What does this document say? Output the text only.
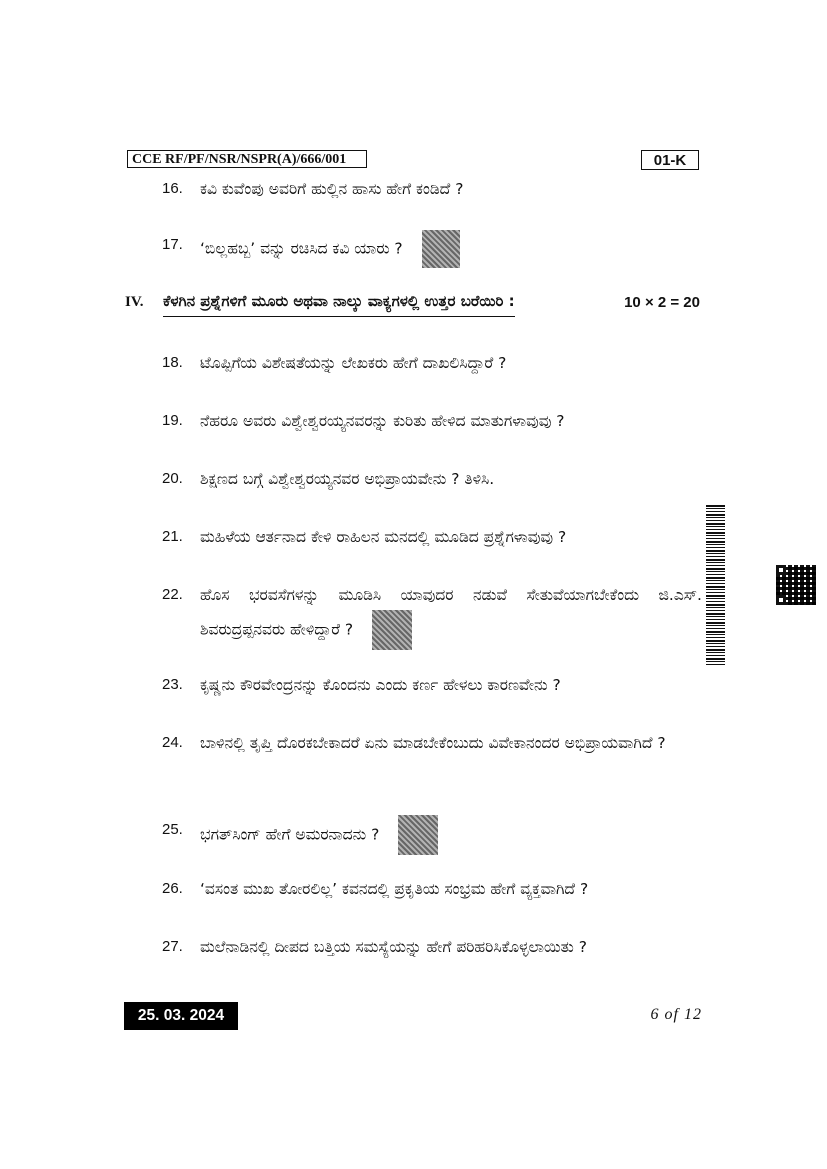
CCE RF/PF/NSR/NSPR(A)/666/001	01-K
16.	ಕವಿ ಕುವೆಂಪು ಅವರಿಗೆ ಹುಲ್ಲಿನ ಹಾಸು ಹೇಗೆ ಕಂಡಿದೆ ?
17.	‘ಬಿಲ್ಲಹಬ್ಬ’ ವನ್ನು ರಚಿಸಿದ ಕವಿ ಯಾರು ?
IV. ಕೆಳಗಿನ ಪ್ರಶ್ನೆಗಳಿಗೆ ಮೂರು ಅಥವಾ ನಾಲ್ಕು ವಾಕ್ಯಗಳಲ್ಲಿ ಉತ್ತರ ಬರೆಯಿರಿ :	10 × 2 = 20
18.	ಟೊಪ್ಪಿಗೆಯ ವಿಶೇಷತೆಯನ್ನು ಲೇಖಕರು ಹೇಗೆ ದಾಖಲಿಸಿದ್ದಾರೆ ?
19.	ನೆಹರೂ ಅವರು ವಿಶ್ವೇಶ್ವರಯ್ಯನವರನ್ನು ಕುರಿತು ಹೇಳಿದ ಮಾತುಗಳಾವುವು ?
20.	ಶಿಕ್ಷಣದ ಬಗ್ಗೆ ವಿಶ್ವೇಶ್ವರಯ್ಯನವರ ಅಭಿಪ್ರಾಯವೇನು ? ತಿಳಿಸಿ.
21.	ಮಹಿಳೆಯ ಆರ್ತನಾದ ಕೇಳಿ ರಾಹಿಲನ ಮನದಲ್ಲಿ ಮೂಡಿದ ಪ್ರಶ್ನೆಗಳಾವುವು ?
22.	ಹೊಸ ಭರವಸೆಗಳನ್ನು ಮೂಡಿಸಿ ಯಾವುದರ ನಡುವೆ ಸೇತುವೆಯಾಗಬೇಕೆಂದು ಜಿ.ಎಸ್. ಶಿವರುದ್ರಪ್ಪನವರು ಹೇಳಿದ್ದಾರೆ ?
23.	ಕೃಷ್ಣನು ಕೌರವೇಂದ್ರನನ್ನು ಕೊಂದನು ಎಂದು ಕರ್ಣ ಹೇಳಲು ಕಾರಣವೇನು ?
24.	ಬಾಳಿನಲ್ಲಿ ತೃಪ್ತಿ ದೊರಕಬೇಕಾದರೆ ಏನು ಮಾಡಬೇಕೆಂಬುದು ವಿವೇಕಾನಂದರ ಅಭಿಪ್ರಾಯವಾಗಿದೆ ?
25.	ಭಗತ್‌ಸಿಂಗ್ ಹೇಗೆ ಅಮರನಾದನು ?
26.	‘ವಸಂತ ಮುಖ ತೋರಲಿಲ್ಲ’ ಕವನದಲ್ಲಿ ಪ್ರಕೃತಿಯ ಸಂಭ್ರಮ ಹೇಗೆ ವ್ಯಕ್ತವಾಗಿದೆ ?
27.	ಮಲೆನಾಡಿನಲ್ಲಿ ದೀಪದ ಬತ್ತಿಯ ಸಮಸ್ಯೆಯನ್ನು ಹೇಗೆ ಪರಿಹರಿಸಿಕೊಳ್ಳಲಾಯಿತು ?
25. 03. 2024	6 of 12
